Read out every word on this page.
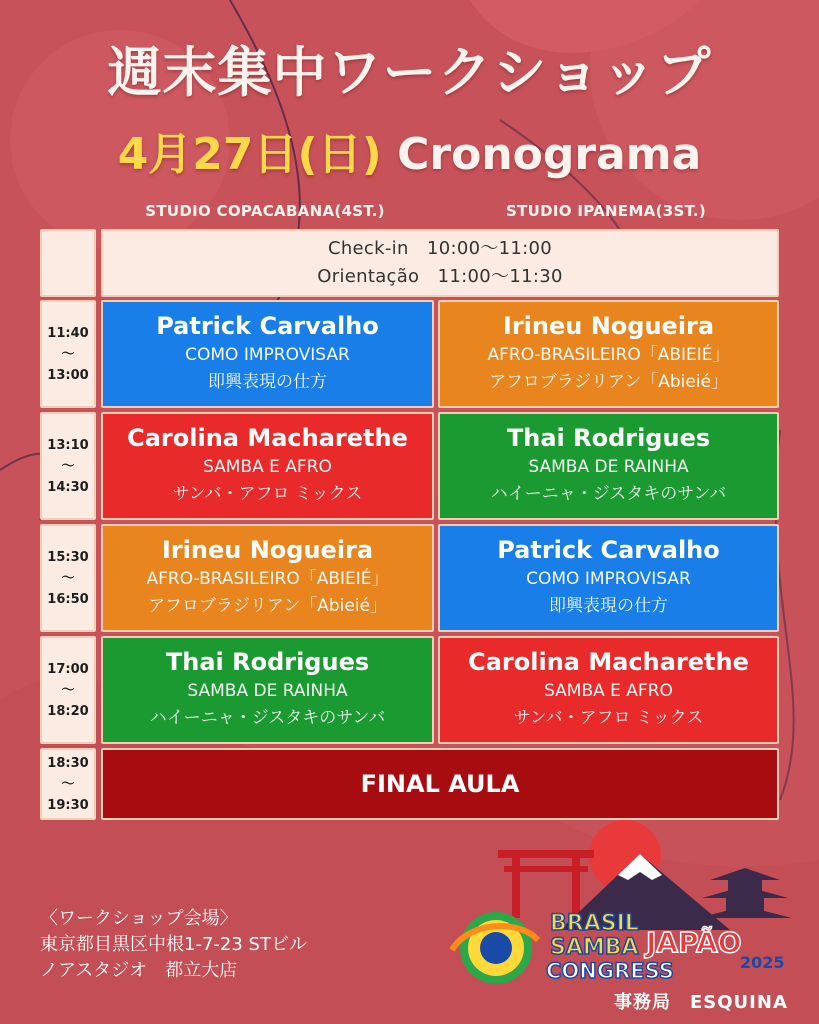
週末集中ワークショップ
4月27日(日) Cronograma
STUDIO COPACABANA(4ST.)	STUDIO IPANEMA(3ST.)
Check-in　10:00〜11:00
Orientação　11:00〜11:30
11:40
〜
13:00
Patrick Carvalho
COMO IMPROVISAR
即興表現の仕方
Irineu Nogueira
AFRO-BRASILEIRO「ABIEIÉ」
アフロブラジリアン「Abieié」
13:10
〜
14:30
Carolina Macharethe
SAMBA E AFRO
サンバ・アフロ ミックス
Thai Rodrigues
SAMBA DE RAINHA
ハイーニャ・ジスタキのサンバ
15:30
〜
16:50
Irineu Nogueira
AFRO-BRASILEIRO「ABIEIÉ」
アフロブラジリアン「Abieié」
Patrick Carvalho
COMO IMPROVISAR
即興表現の仕方
17:00
〜
18:20
Thai Rodrigues
SAMBA DE RAINHA
ハイーニャ・ジスタキのサンバ
Carolina Macharethe
SAMBA E AFRO
サンバ・アフロ ミックス
18:30
〜
19:30
FINAL AULA
〈ワークショップ会場〉
東京都目黒区中根1-7-23 STビル
ノアスタジオ　都立大店
BRASIL
SAMBA
CONGRESS
JAPÃO
2025
事務局　ESQUINA
